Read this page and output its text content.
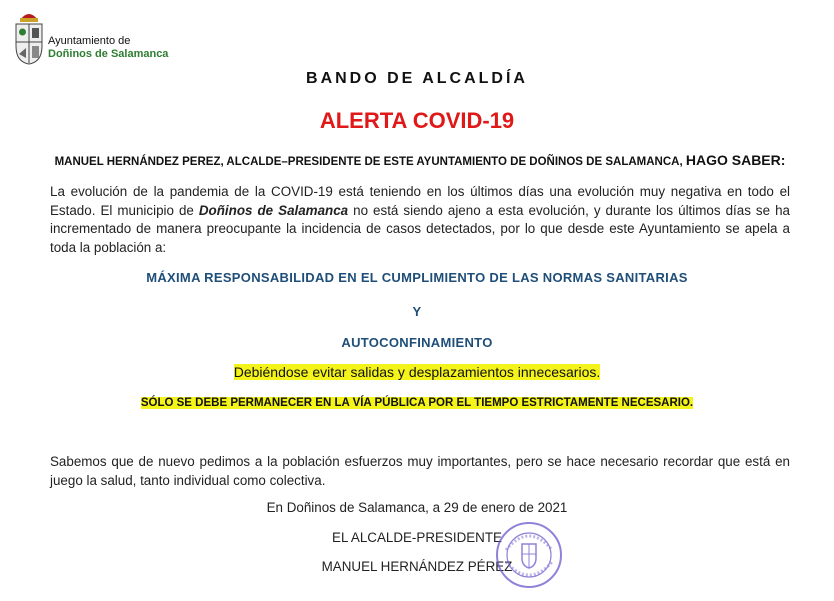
Ayuntamiento de
Doñinos de Salamanca
BANDO DE ALCALDÍA
ALERTA COVID-19
MANUEL HERNÁNDEZ PEREZ, ALCALDE–PRESIDENTE DE ESTE AYUNTAMIENTO DE DOÑINOS DE SALAMANCA, HAGO SABER:
La evolución de la pandemia de la COVID-19 está teniendo en los últimos días una evolución muy negativa en todo el Estado. El municipio de Doñinos de Salamanca no está siendo ajeno a esta evolución, y durante los últimos días se ha incrementado de manera preocupante la incidencia de casos detectados, por lo que desde este Ayuntamiento se apela a toda la población a:
MÁXIMA RESPONSABILIDAD EN EL CUMPLIMIENTO DE LAS NORMAS SANITARIAS
Y
AUTOCONFINAMIENTO
Debiéndose evitar salidas y desplazamientos innecesarios.
SÓLO SE DEBE PERMANECER EN LA VÍA PÚBLICA POR EL TIEMPO ESTRICTAMENTE NECESARIO.
Sabemos que de nuevo pedimos a la población esfuerzos muy importantes, pero se hace necesario recordar que está en juego la salud, tanto individual como colectiva.
En Doñinos de Salamanca, a 29 de enero de 2021
EL ALCALDE-PRESIDENTE
MANUEL HERNÁNDEZ PÉREZ
